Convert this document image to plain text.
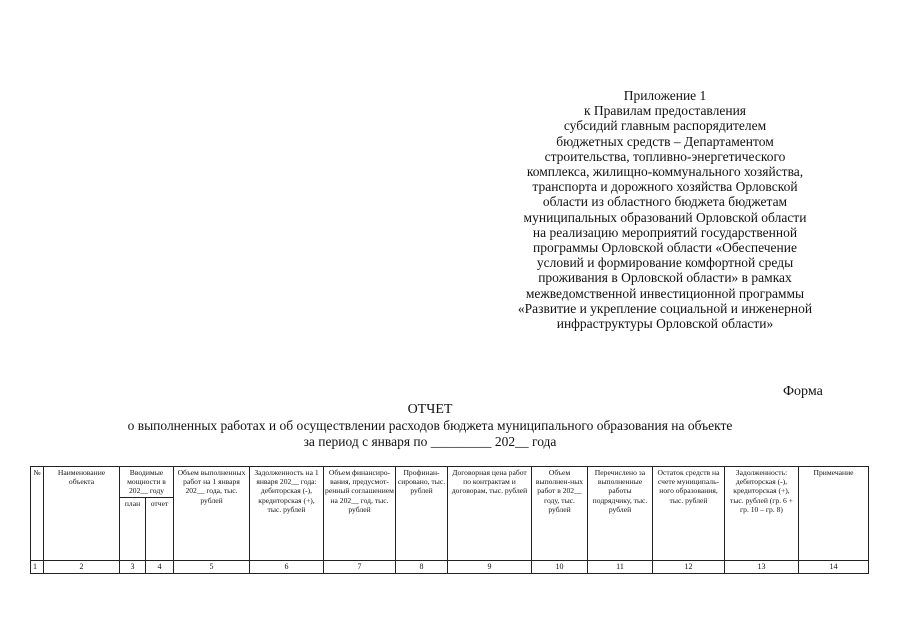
Приложение 1
к Правилам предоставления
субсидий главным распорядителем
бюджетных средств – Департаментом
строительства, топливно-энергетического
комплекса, жилищно-коммунального хозяйства,
транспорта и дорожного хозяйства Орловской
области из областного бюджета бюджетам
муниципальных образований Орловской области
на реализацию мероприятий государственной
программы Орловской области «Обеспечение
условий и формирование комфортной среды
проживания в Орловской области» в рамках
межведомственной инвестиционной программы
«Развитие и укрепление социальной и инженерной
инфраструктуры Орловской области»
Форма
ОТЧЕТ
о выполненных работах и об осуществлении расходов бюджета муниципального образования на объекте
за период с января по _________ 202__ года
№	Наименование объекта	Вводимые мощности в 202__ году		Объем выполненных работ на 1 января 202__ года, тыс. рублей	Задолженность на 1 января 202__ года: дебиторская (-), кредиторская (+), тыс. рублей	Объем финансиро-вания, предусмот-ренный соглашением на 202__ год, тыс. рублей	Профинан-сировано, тыс. рублей	Договорная цена работ по контрактам и договорам, тыс. рублей	Объем выполнен-ных работ в 202__ году, тыс. рублей	Перечислено за выполненные работы подрядчику, тыс. рублей	Остаток средств на счете муниципаль-ного образования, тыс. рублей	Задолженность: дебиторская (-), кредиторская (+), тыс. рублей (гр. 6 + гр. 10 – гр. 8)	Примечание
		план	отчет										
1	2	3	4	5	6	7	8	9	10	11	12	13	14
